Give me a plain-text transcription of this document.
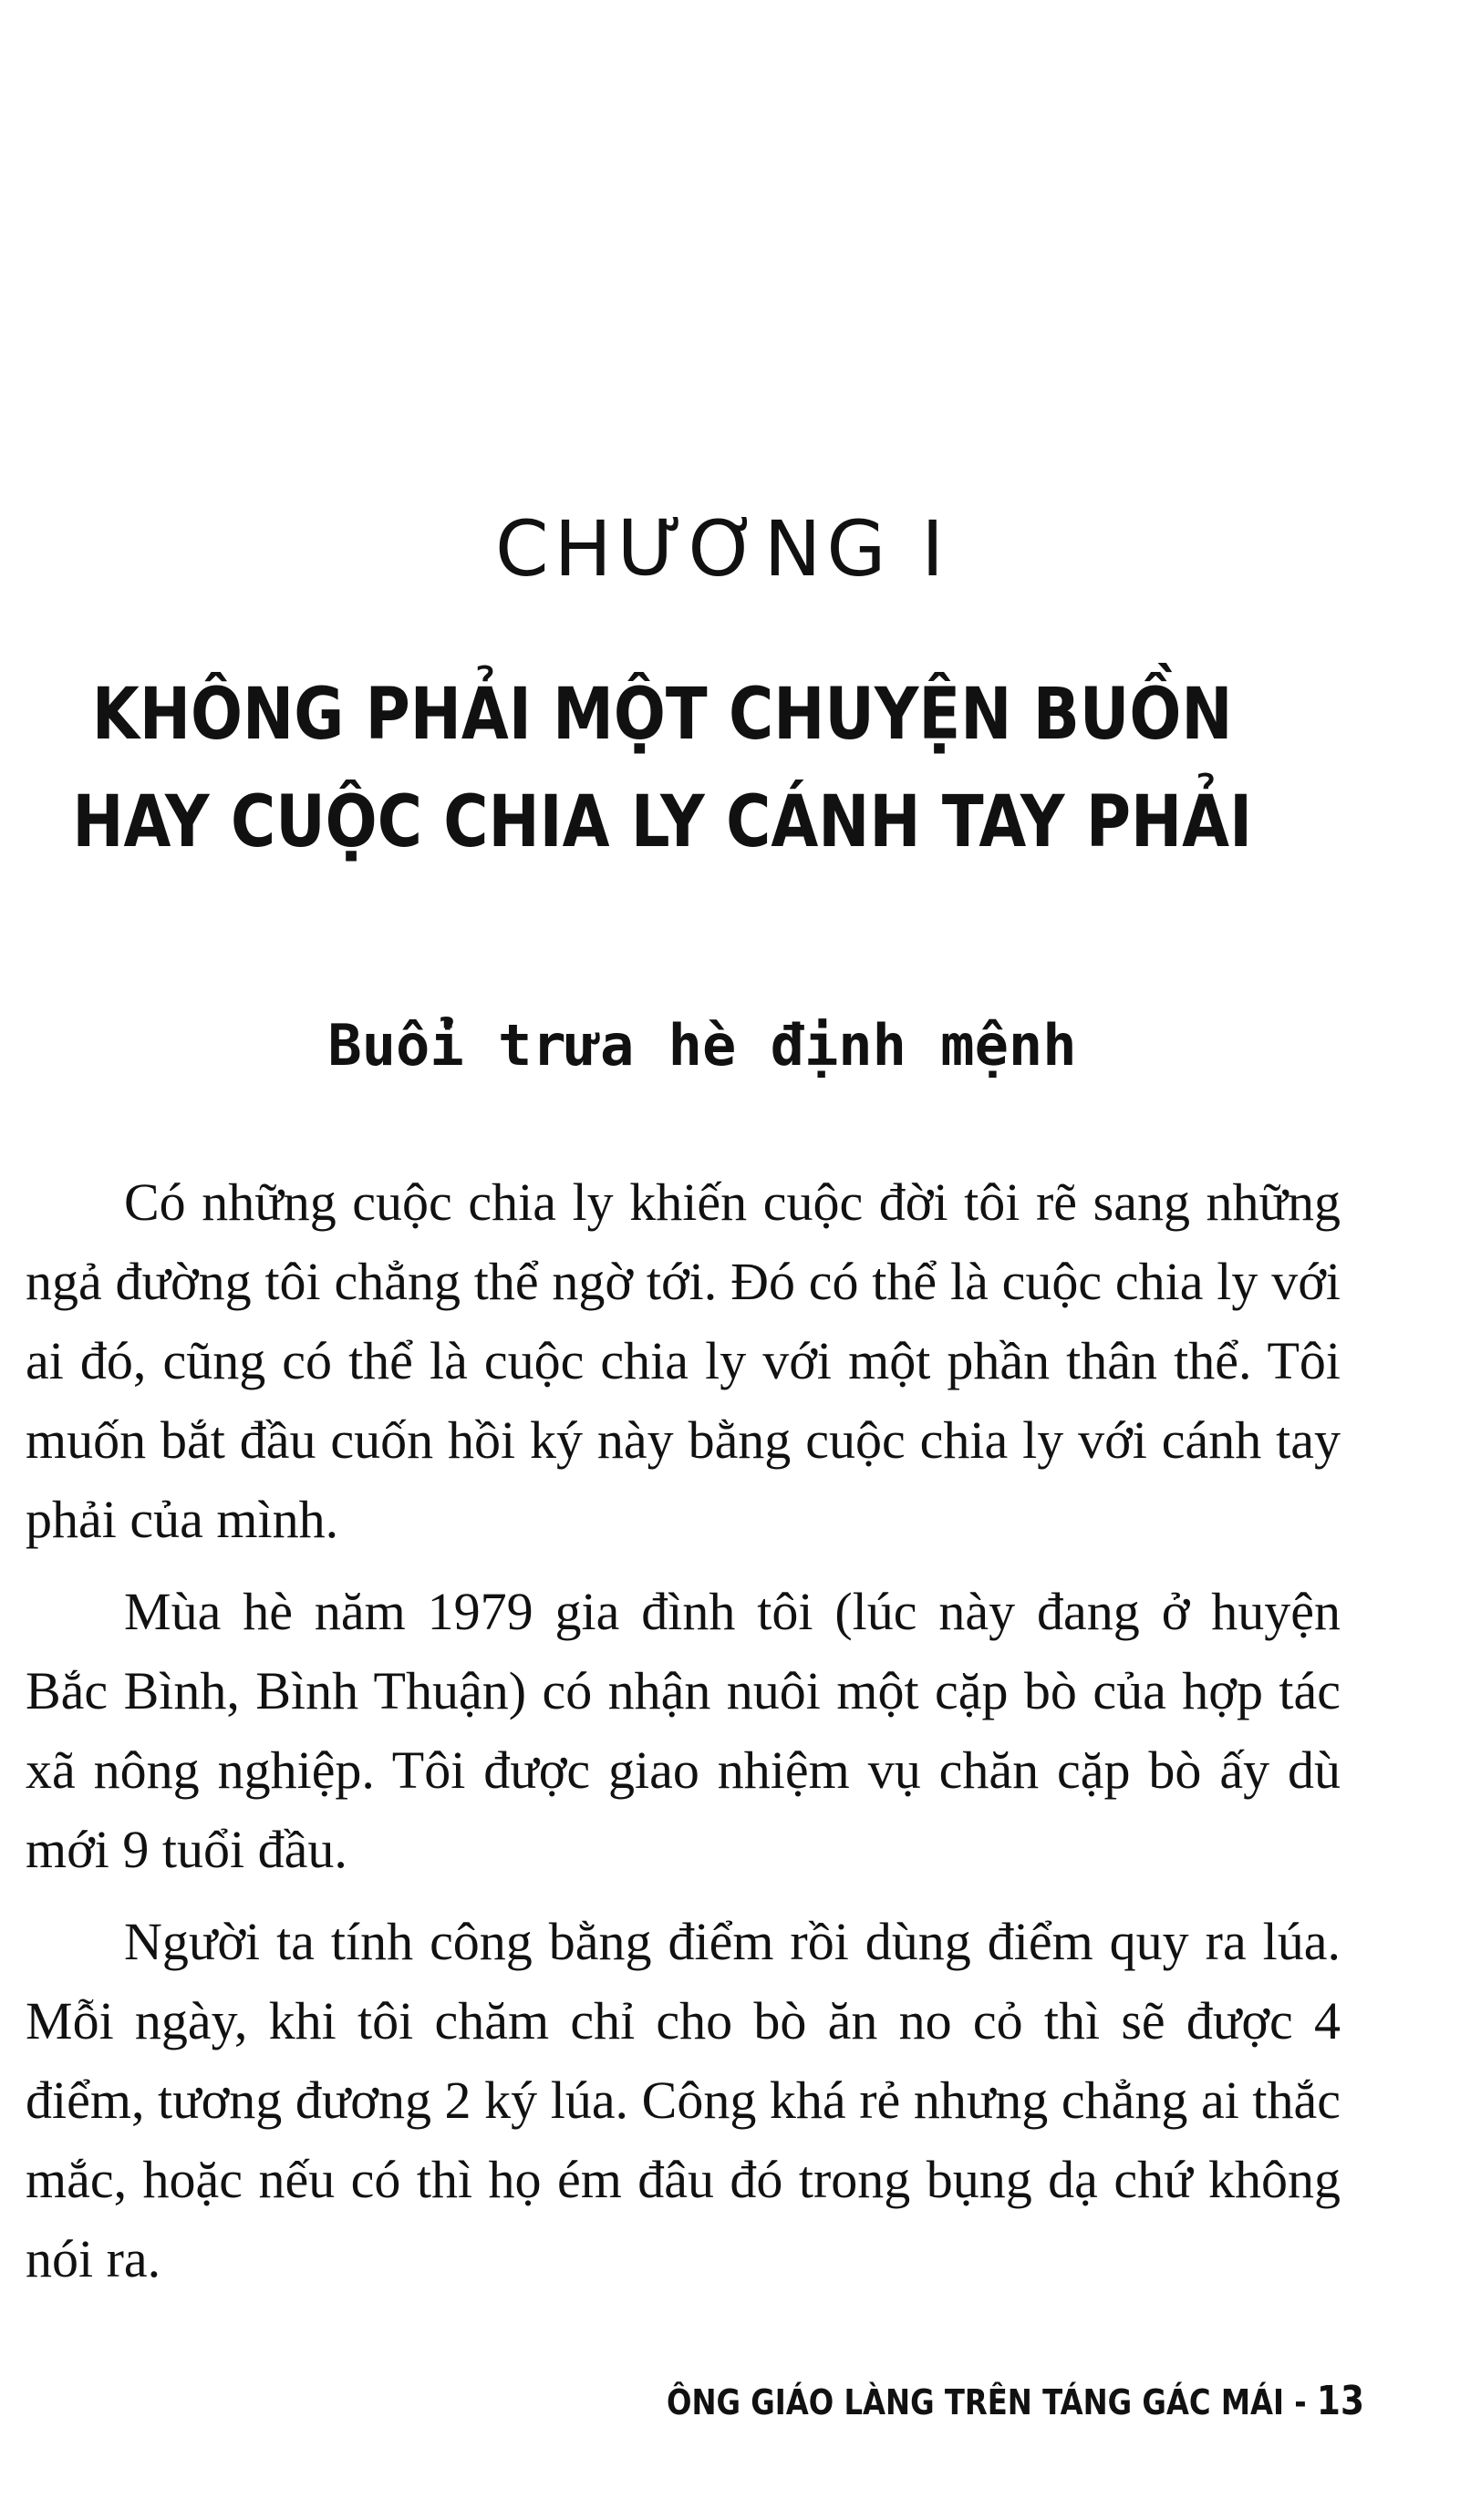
CHƯƠNG I
KHÔNG PHẢI MỘT CHUYỆN BUỒN
HAY CUỘC CHIA LY CÁNH TAY PHẢI
Buổi trưa hè định mệnh

Có những cuộc chia ly khiến cuộc đời tôi rẽ sang những ngả đường tôi chẳng thể ngờ tới. Đó có thể là cuộc chia ly với ai đó, cũng có thể là cuộc chia ly với một phần thân thể. Tôi muốn bắt đầu cuốn hồi ký này bằng cuộc chia ly với cánh tay phải của mình.

Mùa hè năm 1979 gia đình tôi (lúc này đang ở huyện Bắc Bình, Bình Thuận) có nhận nuôi một cặp bò của hợp tác xã nông nghiệp. Tôi được giao nhiệm vụ chăn cặp bò ấy dù mới 9 tuổi đầu.

Người ta tính công bằng điểm rồi dùng điểm quy ra lúa. Mỗi ngày, khi tôi chăm chỉ cho bò ăn no cỏ thì sẽ được 4 điểm, tương đương 2 ký lúa. Công khá rẻ nhưng chẳng ai thắc mắc, hoặc nếu có thì họ ém đâu đó trong bụng dạ chứ không nói ra.

ÔNG GIÁO LÀNG TRÊN TÁNG GÁC MÁI - 13
